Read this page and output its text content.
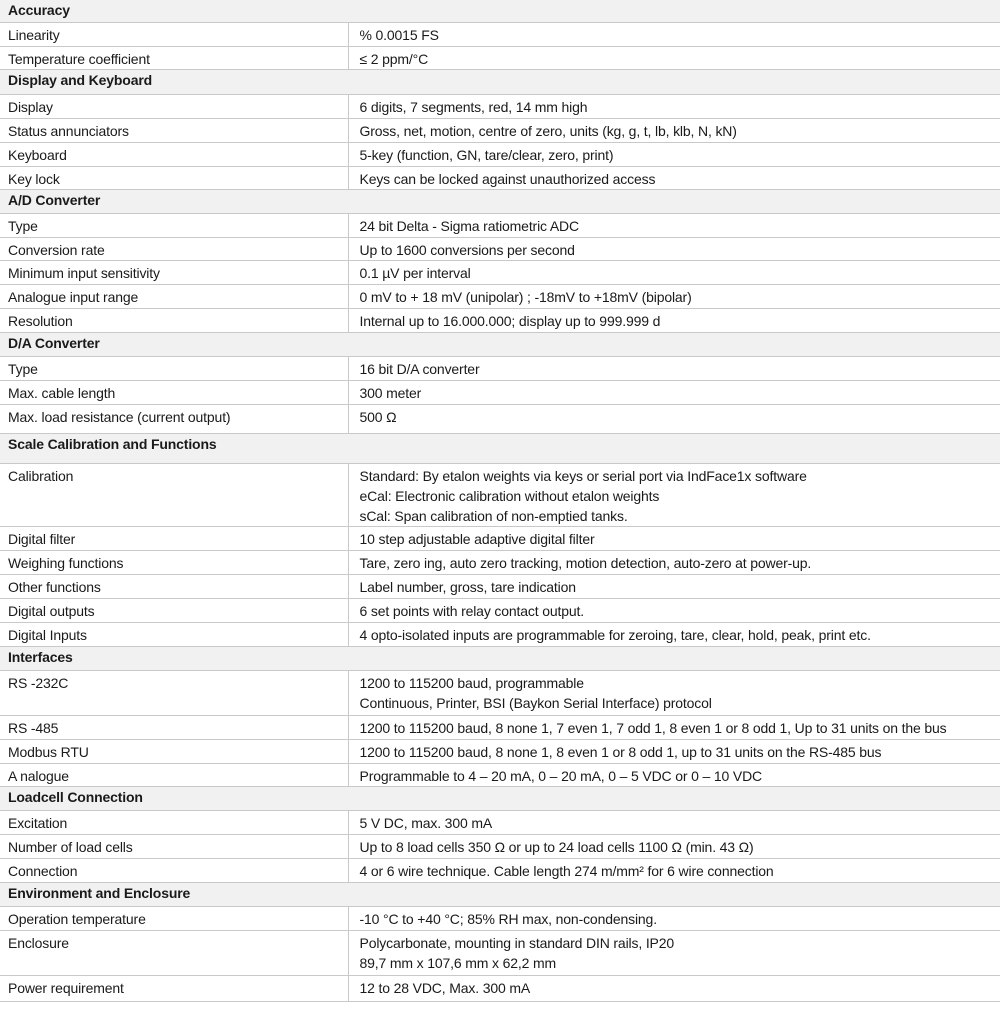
Accuracy	
Linearity	% 0.0015 FS

Temperature coefficient	≤ 2 ppm/°C

Display and Keyboard	
Display	6 digits, 7 segments, red, 14 mm high

Status annunciators	Gross, net, motion, centre of zero, units (kg, g, t, lb, klb, N, kN)

Keyboard	5-key (function, GN, tare/clear, zero, print)

Key lock	Keys can be locked against unauthorized access

A/D Converter	
Type	24 bit Delta - Sigma ratiometric ADC

Conversion rate	Up to 1600 conversions per second

Minimum input sensitivity	0.1 µV per interval

Analogue input range	0 mV to + 18 mV (unipolar) ; -18mV to +18mV (bipolar)

Resolution	Internal up to 16.000.000; display up to 999.999 d

D/A Converter	
Type	16 bit D/A converter

Max. cable length	300 meter

Max. load resistance (current output)	500 Ω

Scale Calibration and Functions	
Calibration	Standard: By etalon weights via keys or serial port via IndFace1x software
eCal: Electronic calibration without etalon weights
sCal: Span calibration of non-emptied tanks.

Digital filter	10 step adjustable adaptive digital filter

Weighing functions	Tare, zero ing, auto zero tracking, motion detection, auto-zero at power-up.

Other functions	Label number, gross, tare indication

Digital outputs	6 set points with relay contact output.

Digital Inputs	4 opto-isolated inputs are programmable for zeroing, tare, clear, hold, peak, print etc.

Interfaces	
RS -232C	1200 to 115200 baud, programmable
Continuous, Printer, BSI (Baykon Serial Interface) protocol

RS -485	1200 to 115200 baud, 8 none 1, 7 even 1, 7 odd 1, 8 even 1 or 8 odd 1, Up to 31 units on the bus

Modbus RTU	1200 to 115200 baud, 8 none 1, 8 even 1 or 8 odd 1, up to 31 units on the RS-485 bus

A nalogue	Programmable to 4 – 20 mA, 0 – 20 mA, 0 – 5 VDC or 0 – 10 VDC

Loadcell Connection	
Excitation	5 V DC, max. 300 mA

Number of load cells	Up to 8 load cells 350 Ω or up to 24 load cells 1100 Ω (min. 43 Ω)

Connection	4 or 6 wire technique. Cable length 274 m/mm² for 6 wire connection

Environment and Enclosure	
Operation temperature	-10 °C to +40 °C; 85% RH max, non-condensing.

Enclosure	Polycarbonate, mounting in standard DIN rails, IP20
89,7 mm x 107,6 mm x 62,2 mm

Power requirement	12 to 28 VDC, Max. 300 mA
